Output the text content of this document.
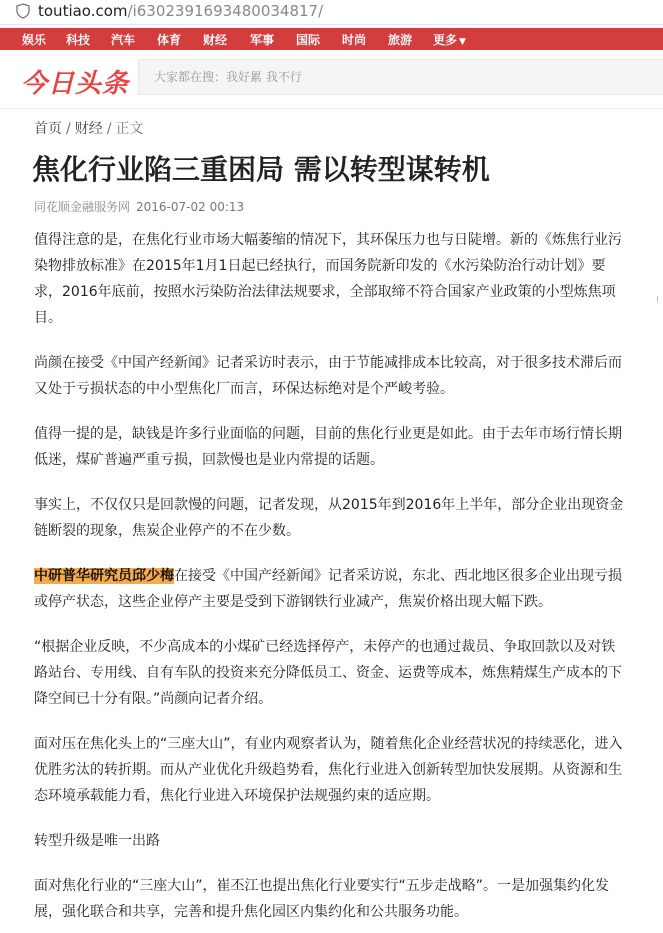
toutiao.com/i6302391693480034817/
娱乐 科技 汽车 体育 财经 军事 国际 时尚 旅游 更多 ▼
今日头条
大家都在搜：我好累 我不行
首页 / 财经 / 正文
焦化行业陷三重困局 需以转型谋转机
同花顺金融服务网 2016-07-02 00:13

值得注意的是，在焦化行业市场大幅萎缩的情况下，其环保压力也与日陡增。新的《炼焦行业污染物排放标准》在2015年1月1日起已经执行，而国务院新印发的《水污染防治行动计划》要求，2016年底前，按照水污染防治法律法规要求，全部取缔不符合国家产业政策的小型炼焦项目。

尚颜在接受《中国产经新闻》记者采访时表示，由于节能减排成本比较高，对于很多技术滞后而又处于亏损状态的中小型焦化厂而言，环保达标绝对是个严峻考验。

值得一提的是，缺钱是许多行业面临的问题，目前的焦化行业更是如此。由于去年市场行情长期低迷，煤矿普遍严重亏损，回款慢也是业内常提的话题。

事实上，不仅仅只是回款慢的问题，记者发现，从2015年到2016年上半年，部分企业出现资金链断裂的现象，焦炭企业停产的不在少数。

中研普华研究员邱少梅在接受《中国产经新闻》记者采访说，东北、西北地区很多企业出现亏损或停产状态，这些企业停产主要是受到下游钢铁行业减产，焦炭价格出现大幅下跌。

“根据企业反映，不少高成本的小煤矿已经选择停产，未停产的也通过裁员、争取回款以及对铁路站台、专用线、自有车队的投资来充分降低员工、资金、运费等成本，炼焦精煤生产成本的下降空间已十分有限。”尚颜向记者介绍。

面对压在焦化头上的“三座大山”，有业内观察者认为，随着焦化企业经营状况的持续恶化，进入优胜劣汰的转折期。而从产业优化升级趋势看，焦化行业进入创新转型加快发展期。从资源和生态环境承载能力看，焦化行业进入环境保护法规强约束的适应期。

转型升级是唯一出路

面对焦化行业的“三座大山”，崔丕江也提出焦化行业要实行“五步走战略”。一是加强集约化发展，强化联合和共享，完善和提升焦化园区内集约化和公共服务功能。
